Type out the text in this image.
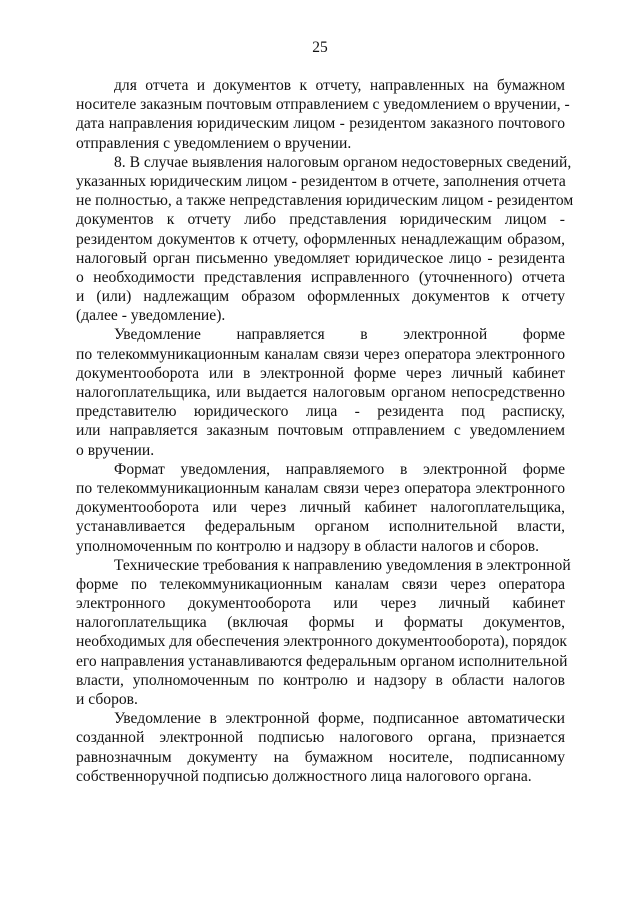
25
для отчета и документов к отчету, направленных на бумажном
носителе заказным почтовым отправлением с уведомлением о вручении, -
дата направления юридическим лицом - резидентом заказного почтового
отправления с уведомлением о вручении.
8. В случае выявления налоговым органом недостоверных сведений,
указанных юридическим лицом - резидентом в отчете, заполнения отчета
не полностью, а также непредставления юридическим лицом - резидентом
документов к отчету либо представления юридическим лицом -
резидентом документов к отчету, оформленных ненадлежащим образом,
налоговый орган письменно уведомляет юридическое лицо - резидента
о необходимости представления исправленного (уточненного) отчета
и (или) надлежащим образом оформленных документов к отчету
(далее - уведомление).
Уведомление направляется в электронной форме
по телекоммуникационным каналам связи через оператора электронного
документооборота или в электронной форме через личный кабинет
налогоплательщика, или выдается налоговым органом непосредственно
представителю юридического лица - резидента под расписку,
или направляется заказным почтовым отправлением с уведомлением
о вручении.
Формат уведомления, направляемого в электронной форме
по телекоммуникационным каналам связи через оператора электронного
документооборота или через личный кабинет налогоплательщика,
устанавливается федеральным органом исполнительной власти,
уполномоченным по контролю и надзору в области налогов и сборов.
Технические требования к направлению уведомления в электронной
форме по телекоммуникационным каналам связи через оператора
электронного документооборота или через личный кабинет
налогоплательщика (включая формы и форматы документов,
необходимых для обеспечения электронного документооборота), порядок
его направления устанавливаются федеральным органом исполнительной
власти, уполномоченным по контролю и надзору в области налогов
и сборов.
Уведомление в электронной форме, подписанное автоматически
созданной электронной подписью налогового органа, признается
равнозначным документу на бумажном носителе, подписанному
собственноручной подписью должностного лица налогового органа.
